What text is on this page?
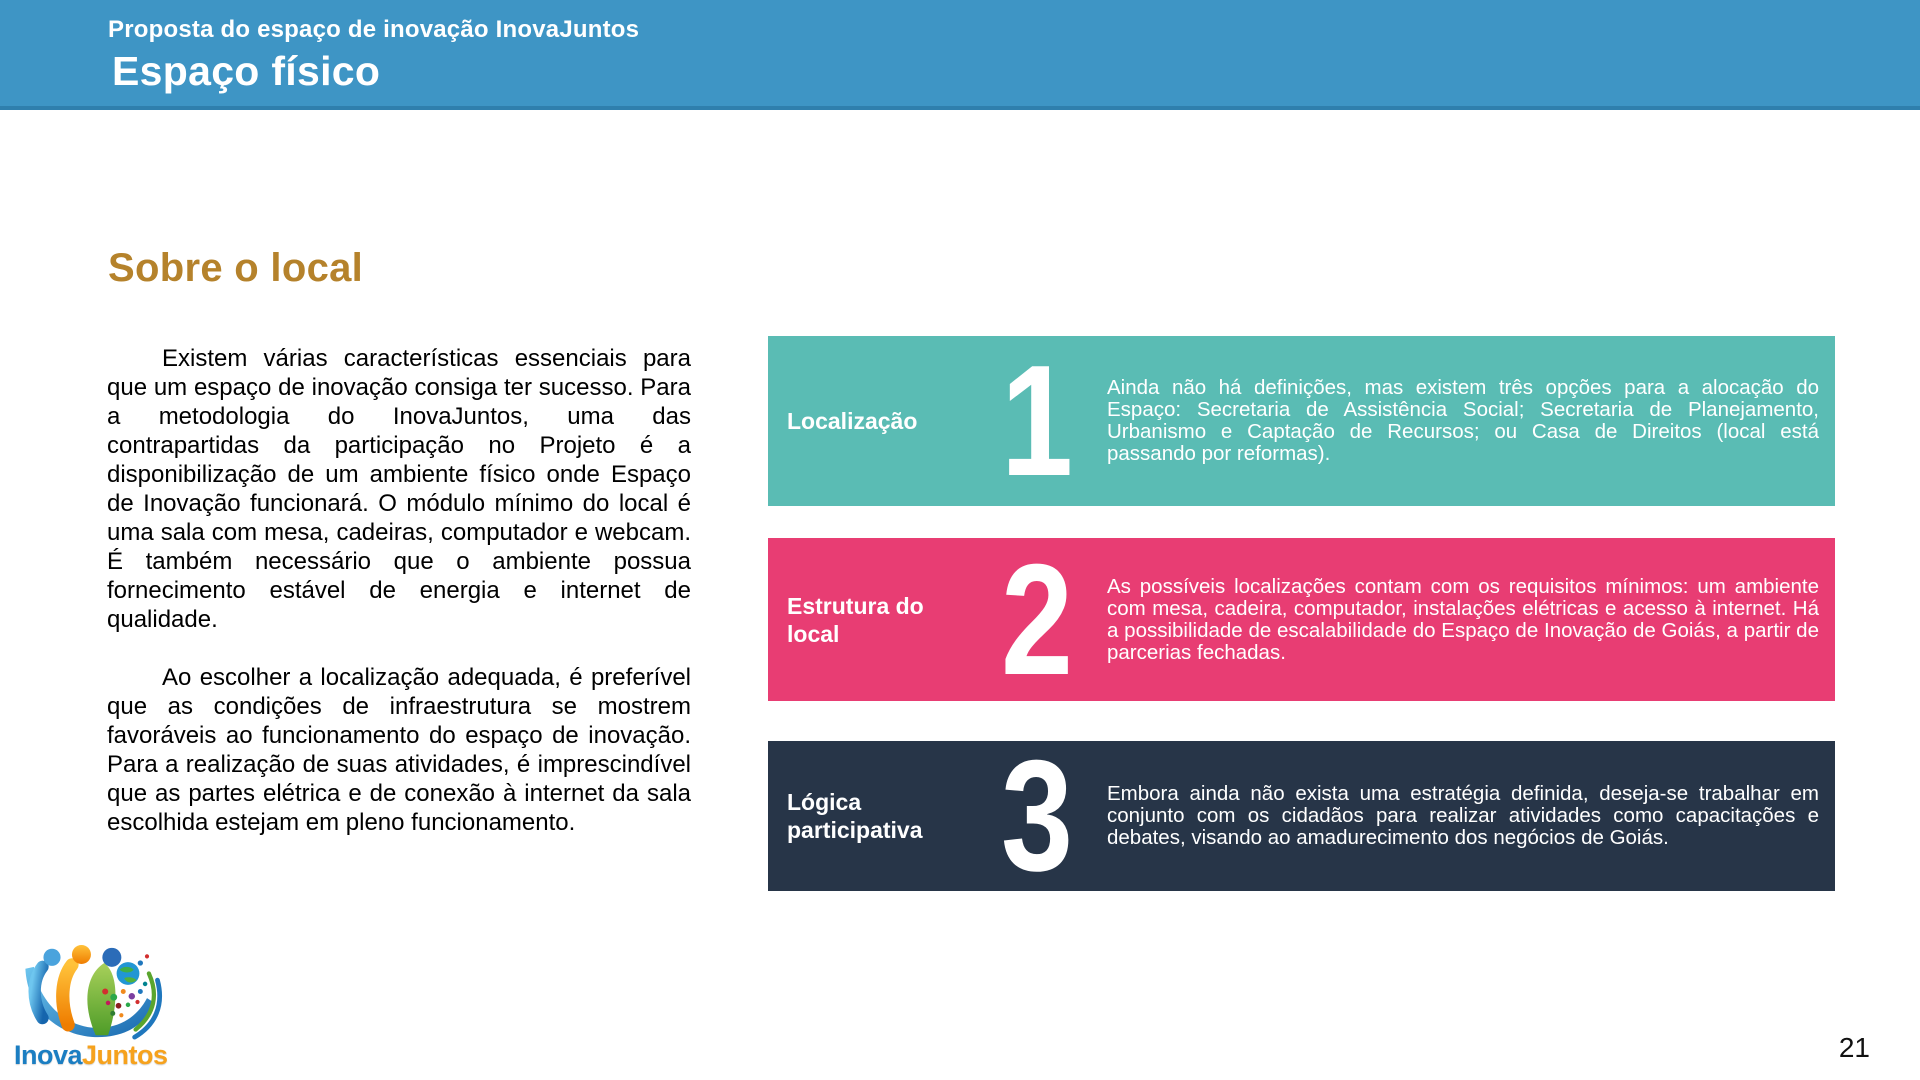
Proposta do espaço de inovação InovaJuntos
Espaço físico
Sobre o local

Existem várias características essenciais para que um espaço de inovação consiga ter sucesso. Para a metodologia do InovaJuntos, uma das contrapartidas da participação no Projeto é a disponibilização de um ambiente físico onde Espaço de Inovação funcionará. O módulo mínimo do local é uma sala com mesa, cadeiras, computador e webcam. É também necessário que o ambiente possua fornecimento estável de energia e internet de qualidade.

Ao escolher a localização adequada, é preferível que as condições de infraestrutura se mostrem favoráveis ao funcionamento do espaço de inovação. Para a realização de suas atividades, é imprescindível que as partes elétrica e de conexão à internet da sala escolhida estejam em pleno funcionamento.

Localização 1	Ainda não há definições, mas existem três opções para a alocação do Espaço: Secretaria de Assistência Social; Secretaria de Planejamento, Urbanismo e Captação de Recursos; ou Casa de Direitos (local está passando por reformas).
Estrutura do local	2	As possíveis localizações contam com os requisitos mínimos: um ambiente com mesa, cadeira, computador, instalações elétricas e acesso à internet. Há a possibilidade de escalabilidade do Espaço de Inovação de Goiás, a partir de parcerias fechadas.
Lógica participativa 3	Embora ainda não exista uma estratégia definida, deseja-se trabalhar em conjunto com os cidadãos para realizar atividades como capacitações e debates, visando ao amadurecimento dos negócios de Goiás.
InovaJuntos	21
